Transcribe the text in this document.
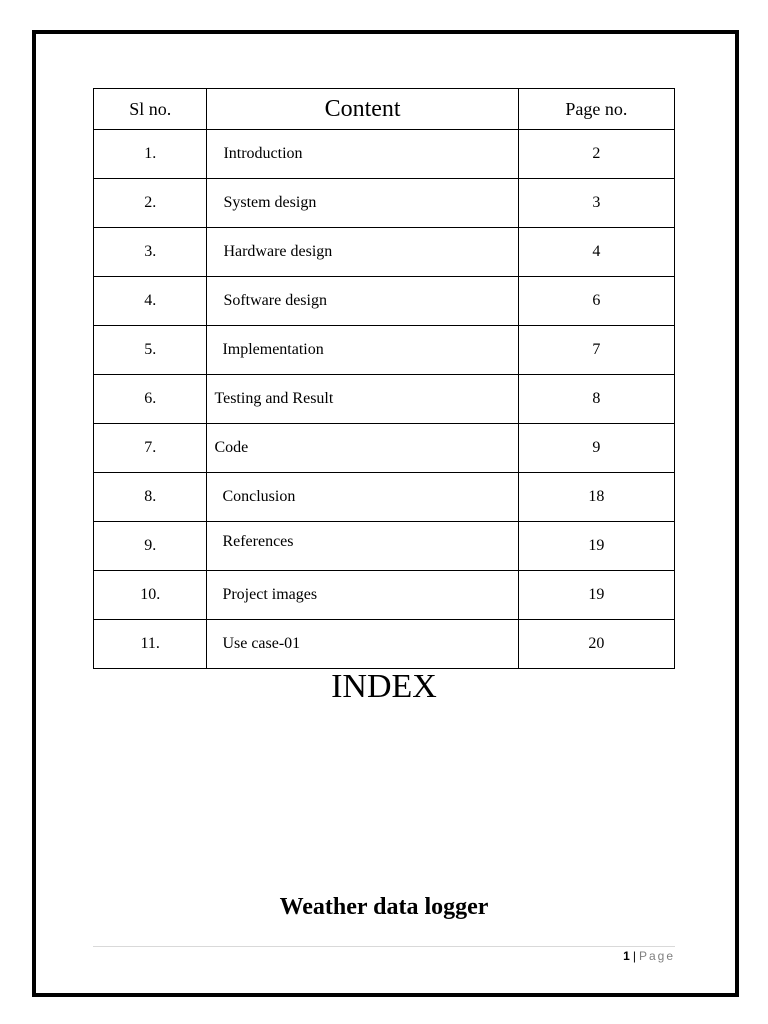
Sl no.	Content	Page no.
1.	Introduction	2
2.	System design	3
3.	Hardware design	4
4.	Software design	6
5.	Implementation	7
6.	Testing and Result	8
7.	Code	9
8.	Conclusion	18
9.	References	19
10.	Project images	19
11.	Use case-01	20
INDEX
Weather data logger
1 | Page
